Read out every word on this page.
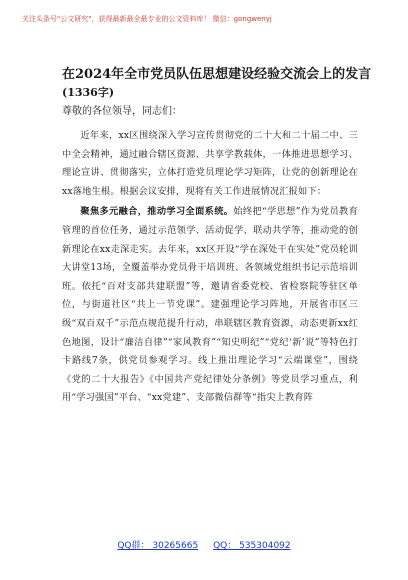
关注头条号"公文研究"，获得最新最全最专业的公文资料库！ 微信：gongwenyj
在2024年全市党员队伍思想建设经验交流会上的发言
(1336字)
尊敬的各位领导，同志们：

近年来，xx区围绕深入学习宣传贯彻党的二十大和二十届二中、三中全会精神，通过融合辖区资源、共享学教载体，一体推进思想学习、理论宣讲、贯彻落实，立体打造党员理论学习矩阵，让党的创新理论在xx落地生根。根据会议安排，现将有关工作进展情况汇报如下：

聚焦多元融合，推动学习全面系统。始终把“学思想”作为党员教育管理的首位任务，通过示范领学、活动促学、联动共学等，推动党的创新理论在xx走深走实。去年来，xx区开设“学在深处干在实处”党员轮训大讲堂13场，全覆盖举办党员骨干培训班、各领域党组织书记示范培训班。依托“百对支部共建联盟”等，邀请省委党校、省检察院等驻区单位，与街道社区“共上一节党课”。建强理论学习阵地，开展省市区三级“双百双千”示范点规范提升行动，串联辖区教育资源，动态更新xx红色地图，设计“廉洁自律”“家风教育”“知史明纪”“党纪‘新’说”等特色打卡路线7条，供党员参观学习。线上推出理论学习“云端课堂”，围绕《党的二十大报告》《中国共产党纪律处分条例》等党员学习重点，利用“学习强国”平台、“xx党建”、支部微信群等“指尖上教育阵

QQ群： 30265665 QQ： 535304092
